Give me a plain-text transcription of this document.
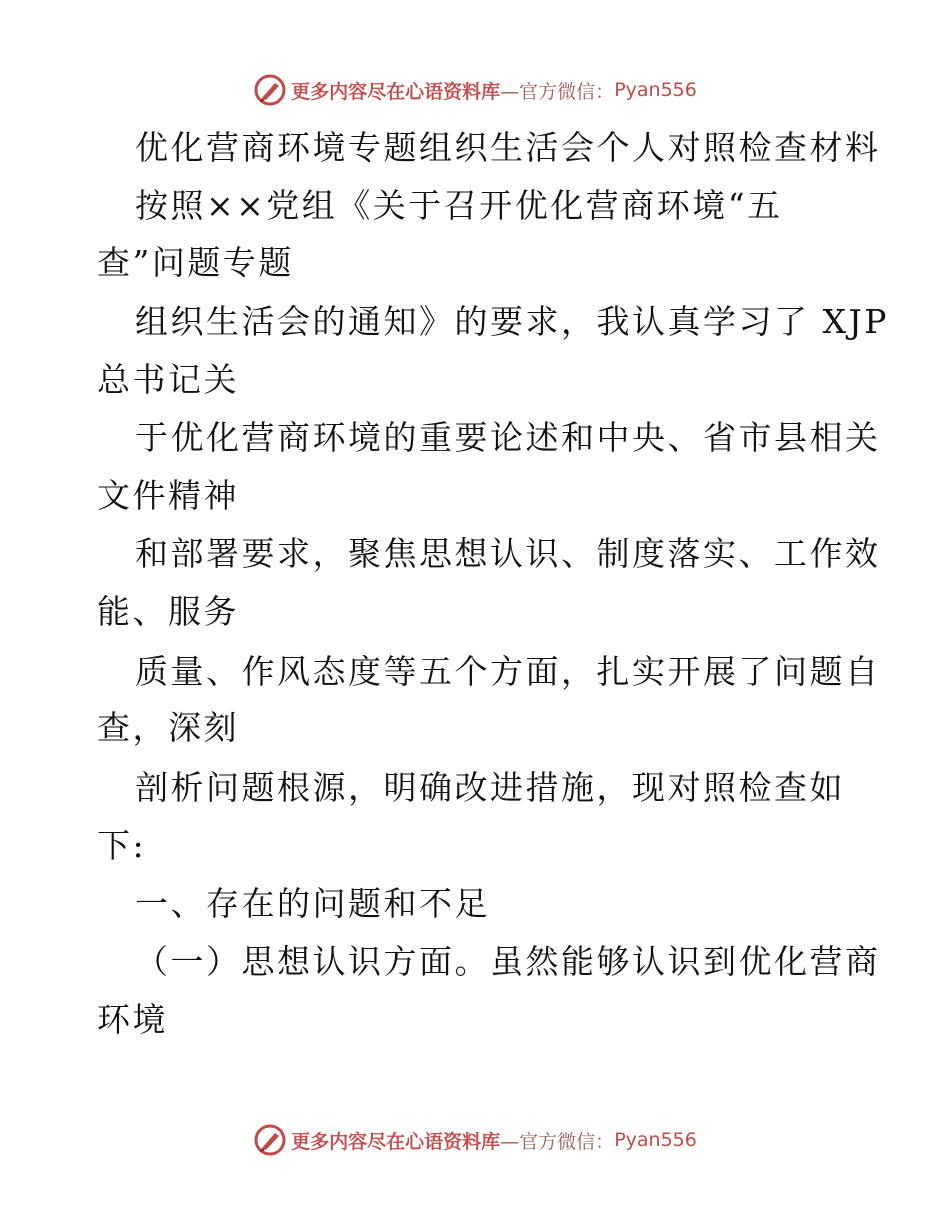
更多内容尽在心语资料库 —官方微信： Pyan556
优化营商环境专题组织生活会个人对照检查材料
按照××党组《关于召开优化营商环境“五
查”问题专题
组织生活会的通知》的要求，我认真学习了 XJP
总书记关
于优化营商环境的重要论述和中央、省市县相关
文件精神
和部署要求，聚焦思想认识、制度落实、工作效
能、服务
质量、作风态度等五个方面，扎实开展了问题自
查，深刻
剖析问题根源，明确改进措施，现对照检查如
下:
一、存在的问题和不足
（一）思想认识方面。虽然能够认识到优化营商
环境
更多内容尽在心语资料库 —官方微信： Pyan556
